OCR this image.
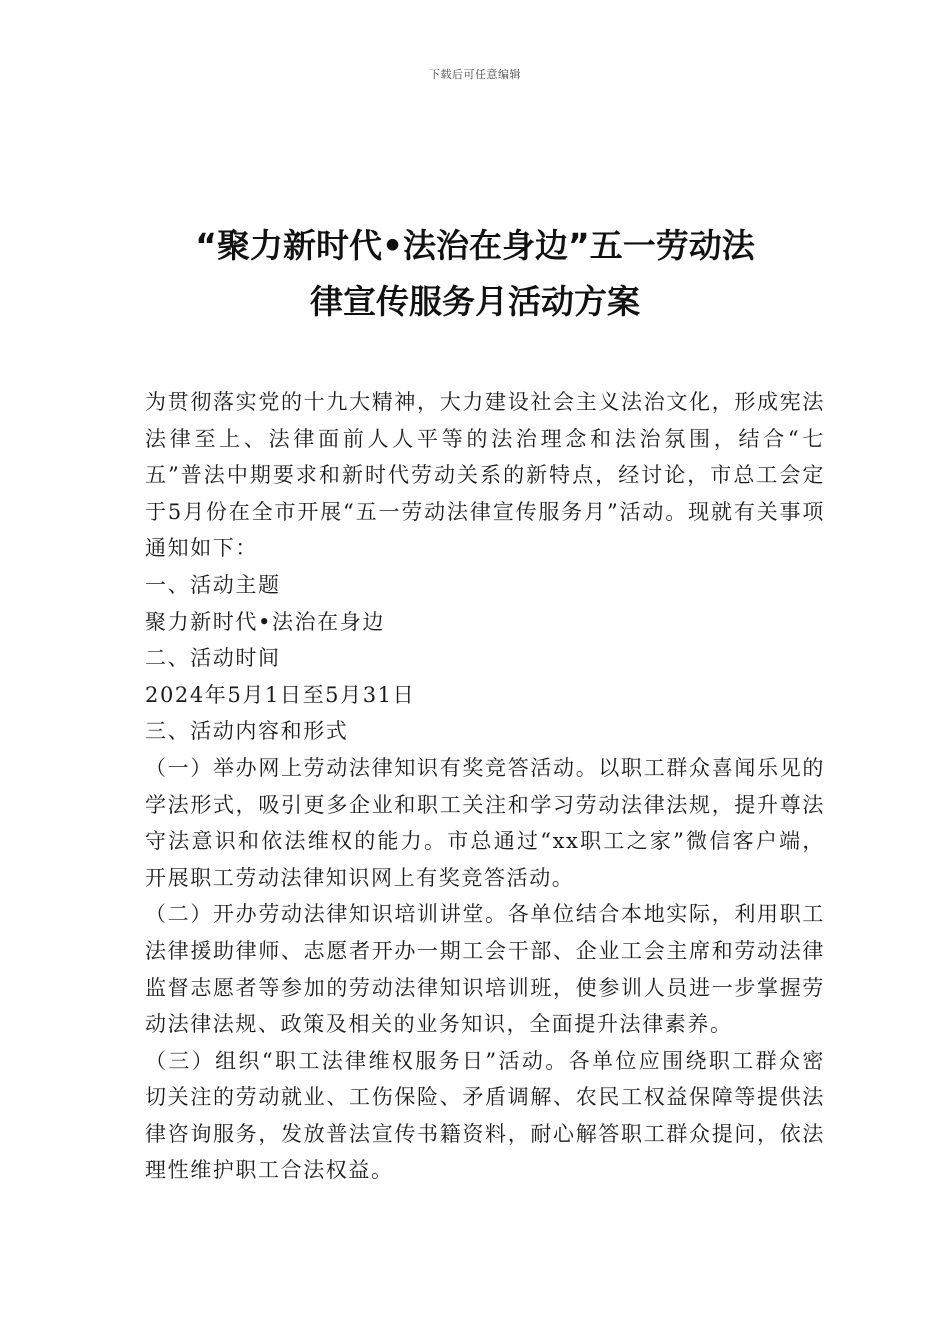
下载后可任意编辑
“聚力新时代•法治在身边”五一劳动法
律宣传服务月活动方案

为贯彻落实党的十九大精神，大力建设社会主义法治文化，形成宪法法律至上、法律面前人人平等的法治理念和法治氛围，结合“七五”普法中期要求和新时代劳动关系的新特点，经讨论，市总工会定于5月份在全市开展“五一劳动法律宣传服务月”活动。现就有关事项通知如下：

一、活动主题

聚力新时代•法治在身边

二、活动时间

2024年5月1日至5月31日

三、活动内容和形式

（一）举办网上劳动法律知识有奖竞答活动。以职工群众喜闻乐见的学法形式，吸引更多企业和职工关注和学习劳动法律法规，提升尊法守法意识和依法维权的能力。市总通过“xx职工之家”微信客户端，开展职工劳动法律知识网上有奖竞答活动。

（二）开办劳动法律知识培训讲堂。各单位结合本地实际，利用职工法律援助律师、志愿者开办一期工会干部、企业工会主席和劳动法律监督志愿者等参加的劳动法律知识培训班，使参训人员进一步掌握劳动法律法规、政策及相关的业务知识，全面提升法律素养。

（三）组织“职工法律维权服务日”活动。各单位应围绕职工群众密切关注的劳动就业、工伤保险、矛盾调解、农民工权益保障等提供法律咨询服务，发放普法宣传书籍资料，耐心解答职工群众提问，依法理性维护职工合法权益。
